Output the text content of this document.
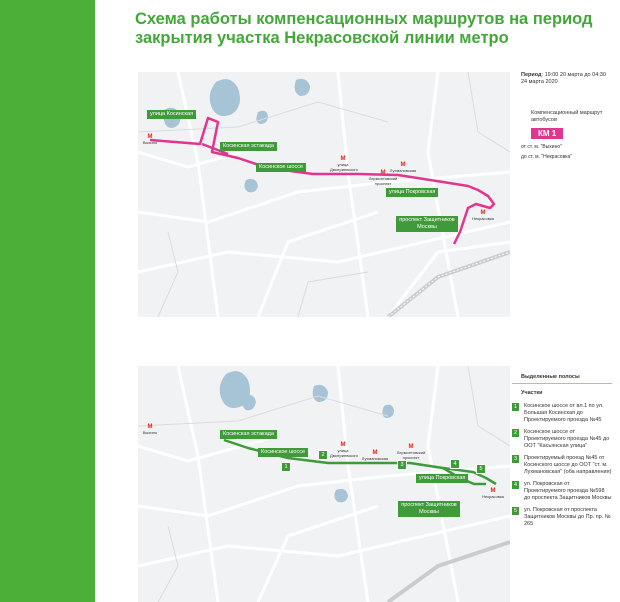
Схема работы компенсационных маршрутов на период
закрытия участка Некрасовской линии метро
улица Косинская
Косинская эстакада
Косинское шоссе
улица Покровская
проспект Защитников Москвы
M
Выхино
M
улица Дмитриевского
M
Лухмановская
M
Лермонтовский проспект
M
Некрасовка
Период: 19:00 20 марта до 04:30 24 марта 2020
Компенсационный маршрут автобусов
КМ 1
от ст. м. "Выхино"
до ст. м. "Некрасовка"
Косинская эстакада
Косинское шоссе
улица Покровская
проспект Защитников Москвы
1
2
3	4
5
M
Выхино
M
улица Дмитриевского	M
Лухмановская
M
Лермонтовский проспект
M
Некрасовка
Выделенные полосы
Участки
1	Косинское шоссе от вл.1 по ул. Большая Косинская до Проектируемого проезда №45
2	Косинское шоссе от Проектируемого проезда №45 до ООТ "Касьянская улица"
3	Проектируемый проезд №45 от Косинского шоссе до ООТ "ст. м. Лухмановская" (оба направления)
4	ул. Покровская от Проектируемого проезда №598 до проспекта Защитников Москвы
5	ул. Покровская от проспекта Защитников Москвы до Пр. пр. № 265
